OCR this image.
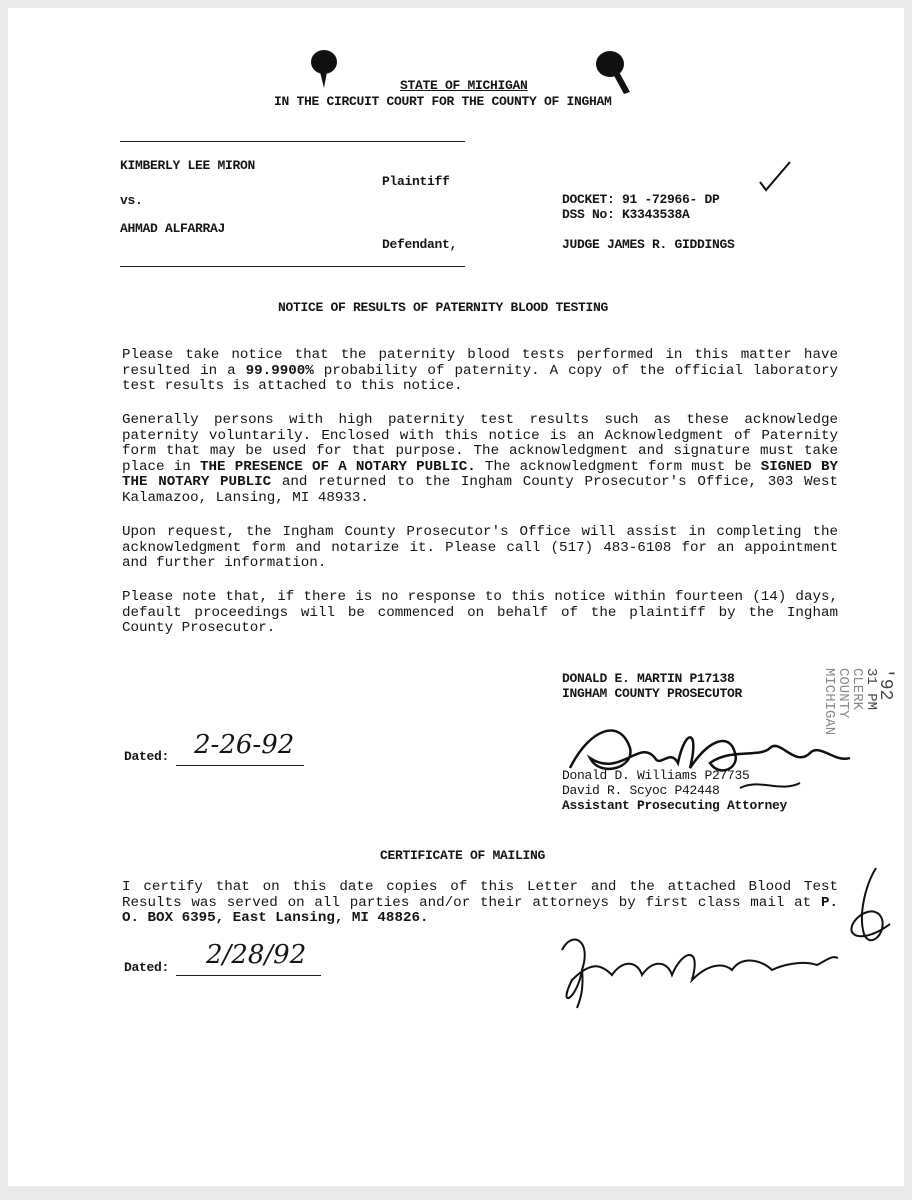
STATE OF MICHIGAN
IN THE CIRCUIT COURT FOR THE COUNTY OF INGHAM
KIMBERLY LEE MIRON
Plaintiff
vs.
AHMAD ALFARRAJ
Defendant,
DOCKET: 91 -72966- DP
DSS No: K3343538A
JUDGE JAMES R. GIDDINGS
NOTICE OF RESULTS OF PATERNITY BLOOD TESTING
Please take notice that the paternity blood tests performed in this matter have resulted in a 99.9900% probability of paternity. A copy of the official laboratory test results is attached to this notice.
Generally persons with high paternity test results such as these acknowledge paternity voluntarily. Enclosed with this notice is an Acknowledgment of Paternity form that may be used for that purpose. The acknowledgment and signature must take place in THE PRESENCE OF A NOTARY PUBLIC. The acknowledgment form must be SIGNED BY THE NOTARY PUBLIC and returned to the Ingham County Prosecutor's Office, 303 West Kalamazoo, Lansing, MI 48933.
Upon request, the Ingham County Prosecutor's Office will assist in completing the acknowledgment form and notarize it. Please call (517) 483-6108 for an appointment and further information.
Please note that, if there is no response to this notice within fourteen (14) days, default proceedings will be commenced on behalf of the plaintiff by the Ingham County Prosecutor.
DONALD E. MARTIN P17138
INGHAM COUNTY PROSECUTOR
Dated: 2-26-92
Donald D. Williams P27735
David R. Scyoc P42448
Assistant Prosecuting Attorney
'92
31 PM
CLERK
COUNTY
MICHIGAN
CERTIFICATE OF MAILING
I certify that on this date copies of this Letter and the attached Blood Test Results was served on all parties and/or their attorneys by first class mail at P. O. BOX 6395, East Lansing, MI 48826.
Dated: 2/28/92
